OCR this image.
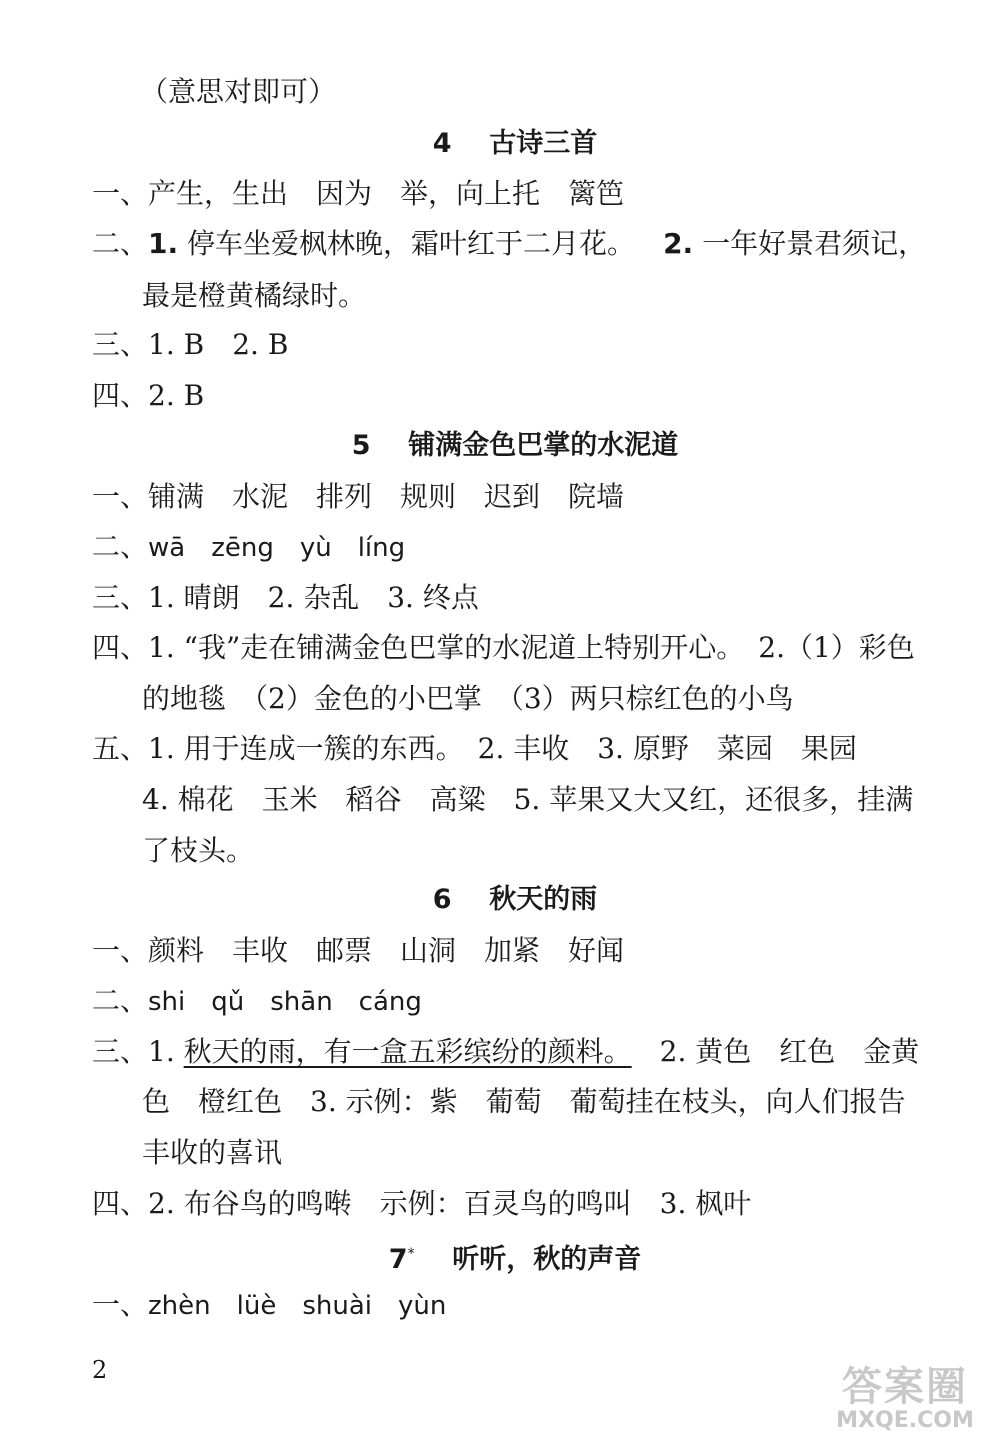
（意思对即可）
4 古诗三首
一、产生，生出　因为　举，向上托　篱笆
二、1. 停车坐爱枫林晚，霜叶红于二月花。 2. 一年好景君须记，
最是橙黄橘绿时。
三、1. B　2. B
四、2. B
5 铺满金色巴掌的水泥道
一、铺满　水泥　排列　规则　迟到　院墙
二、wā　zēng　yù　líng
三、1. 晴朗　2. 杂乱　3. 终点
四、1. “我”走在铺满金色巴掌的水泥道上特别开心。　2.（1）彩色
的地毯　（2）金色的小巴掌　（3）两只棕红色的小鸟
五、1. 用于连成一簇的东西。　2. 丰收　3. 原野　菜园　果园
4. 棉花　玉米　稻谷　高粱　5. 苹果又大又红，还很多，挂满
了枝头。
6 秋天的雨
一、颜料　丰收　邮票　山洞　加紧　好闻
二、shi　qǔ　shān　cáng
三、1. 秋天的雨，有一盒五彩缤纷的颜料。 2. 黄色　红色　金黄
色　橙红色　3. 示例：紫　葡萄　葡萄挂在枝头，向人们报告
丰收的喜讯
四、2. 布谷鸟的鸣啭　示例：百灵鸟的鸣叫　3. 枫叶
7* 听听，秋的声音
一、zhèn　lüè　shuài　yùn
2	答案圈
MXQE.COM
